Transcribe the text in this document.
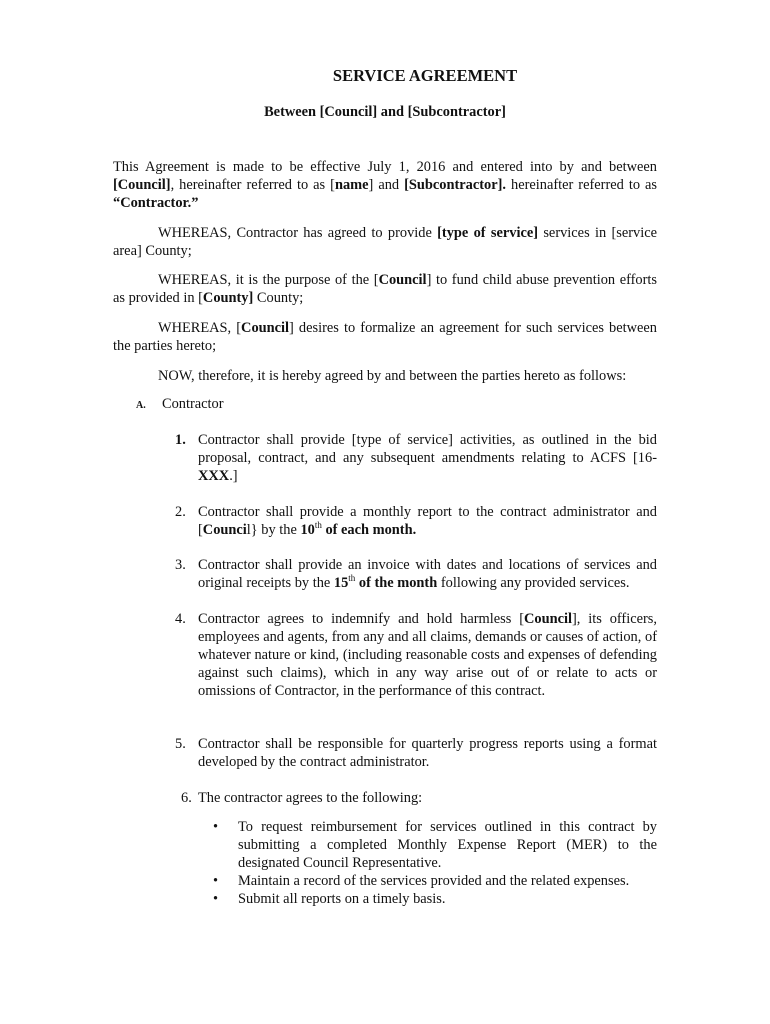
SERVICE AGREEMENT
Between [Council] and [Subcontractor]
This Agreement is made to be effective July 1, 2016 and entered into by and between [Council], hereinafter referred to as [name] and [Subcontractor]. hereinafter referred to as “Contractor.”
WHEREAS, Contractor has agreed to provide [type of service] services in [service area] County;
WHEREAS, it is the purpose of the [Council] to fund child abuse prevention efforts as provided in [County] County;
WHEREAS, [Council] desires to formalize an agreement for such services between the parties hereto;
NOW, therefore, it is hereby agreed by and between the parties hereto as follows:
A. Contractor
1. Contractor shall provide [type of service] activities, as outlined in the bid proposal, contract, and any subsequent amendments relating to ACFS [16-XXX.]
2. Contractor shall provide a monthly report to the contract administrator and [Council} by the 10th of each month.
3. Contractor shall provide an invoice with dates and locations of services and original receipts by the 15th of the month following any provided services.
4. Contractor agrees to indemnify and hold harmless [Council], its officers, employees and agents, from any and all claims, demands or causes of action, of whatever nature or kind, (including reasonable costs and expenses of defending against such claims), which in any way arise out of or relate to acts or omissions of Contractor, in the performance of this contract.
5. Contractor shall be responsible for quarterly progress reports using a format developed by the contract administrator.
6. The contractor agrees to the following:
•	To request reimbursement for services outlined in this contract by submitting a completed Monthly Expense Report (MER) to the designated Council Representative.
•	Maintain a record of the services provided and the related expenses.
•	Submit all reports on a timely basis.
